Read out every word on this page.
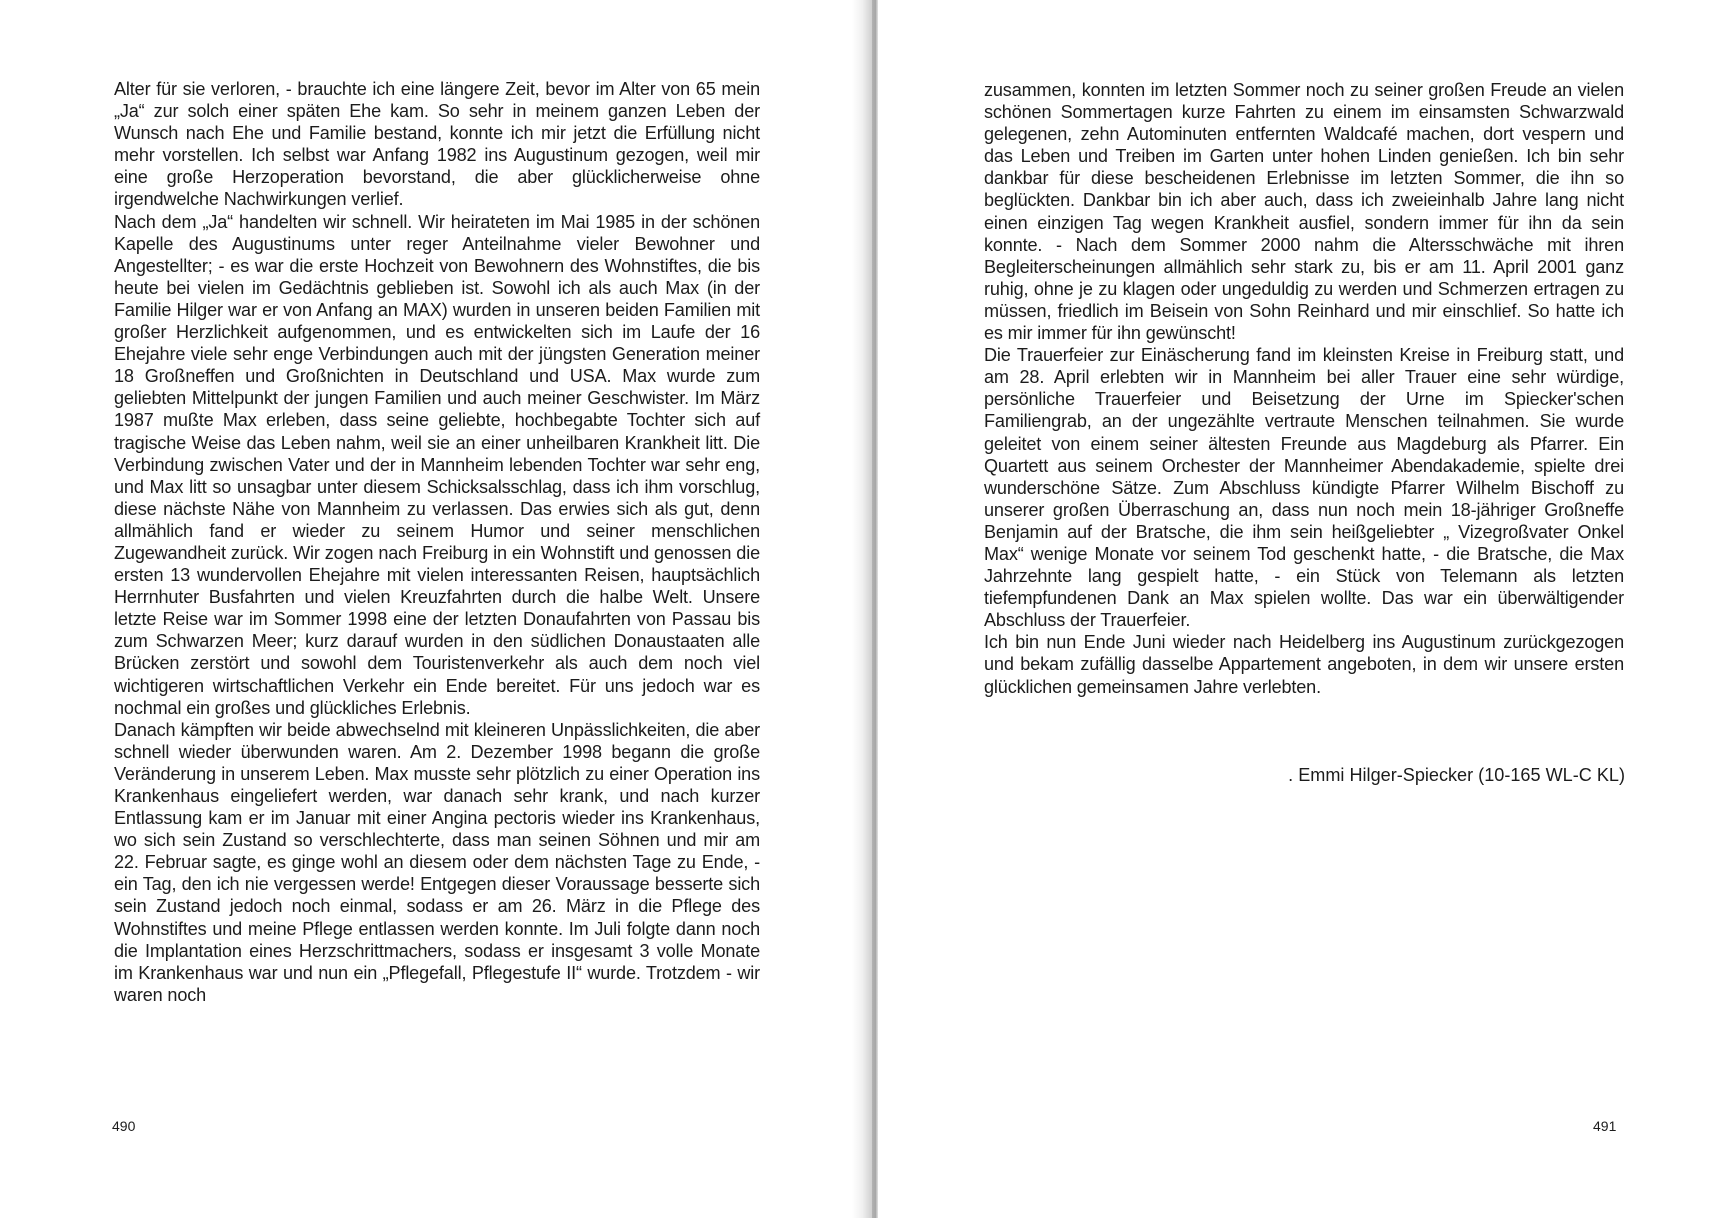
Alter für sie verloren, - brauchte ich eine längere Zeit, bevor im Alter von 65 mein „Ja“ zur solch einer späten Ehe kam. So sehr in meinem ganzen Leben der Wunsch nach Ehe und Familie bestand, konnte ich mir jetzt die Erfüllung nicht mehr vorstellen. Ich selbst war Anfang 1982 ins Augustinum gezogen, weil mir eine große Herzoperation bevorstand, die aber glücklicherweise ohne irgendwelche Nachwirkungen verlief.

Nach dem „Ja“ handelten wir schnell. Wir heirateten im Mai 1985 in der schönen Kapelle des Augustinums unter reger Anteilnahme vieler Bewohner und Angestellter; - es war die erste Hochzeit von Bewohnern des Wohnstiftes, die bis heute bei vielen im Gedächtnis geblieben ist. Sowohl ich als auch Max (in der Familie Hilger war er von Anfang an MAX) wurden in unseren beiden Familien mit großer Herzlichkeit aufgenommen, und es entwickelten sich im Laufe der 16 Ehejahre viele sehr enge Verbindungen auch mit der jüngsten Generation meiner 18 Großneffen und Großnichten in Deutschland und USA. Max wurde zum geliebten Mittelpunkt der jungen Familien und auch meiner Geschwister. Im März 1987 mußte Max erleben, dass seine geliebte, hochbegabte Tochter sich auf tragische Weise das Leben nahm, weil sie an einer unheilbaren Krankheit litt. Die Verbindung zwischen Vater und der in Mannheim lebenden Tochter war sehr eng, und Max litt so unsagbar unter diesem Schicksalsschlag, dass ich ihm vorschlug, diese nächste Nähe von Mannheim zu verlassen. Das erwies sich als gut, denn allmählich fand er wieder zu seinem Humor und seiner menschlichen Zugewandheit zurück. Wir zogen nach Freiburg in ein Wohnstift und genossen die ersten 13 wundervollen Ehejahre mit vielen interessanten Reisen, hauptsächlich Herrnhuter Busfahrten und vielen Kreuzfahrten durch die halbe Welt. Unsere letzte Reise war im Sommer 1998 eine der letzten Donaufahrten von Passau bis zum Schwarzen Meer; kurz darauf wurden in den südlichen Donaustaaten alle Brücken zerstört und sowohl dem Touristenverkehr als auch dem noch viel wichtigeren wirtschaftlichen Verkehr ein Ende bereitet. Für uns jedoch war es nochmal ein großes und glückliches Erlebnis.

Danach kämpften wir beide abwechselnd mit kleineren Unpässlichkeiten, die aber schnell wieder überwunden waren. Am 2. Dezember 1998 begann die große Veränderung in unserem Leben. Max musste sehr plötzlich zu einer Operation ins Krankenhaus eingeliefert werden, war danach sehr krank, und nach kurzer Entlassung kam er im Januar mit einer Angina pectoris wieder ins Krankenhaus, wo sich sein Zustand so verschlechterte, dass man seinen Söhnen und mir am 22. Februar sagte, es ginge wohl an diesem oder dem nächsten Tage zu Ende, - ein Tag, den ich nie vergessen werde! Entgegen dieser Voraussage besserte sich sein Zustand jedoch noch einmal, sodass er am 26. März in die Pflege des Wohnstiftes und meine Pflege entlassen werden konnte. Im Juli folgte dann noch die Implantation eines Herzschrittmachers, sodass er insgesamt 3 volle Monate im Krankenhaus war und nun ein „Pflegefall, Pflegestufe II“ wurde. Trotzdem - wir waren noch

490

zusammen, konnten im letzten Sommer noch zu seiner großen Freude an vielen schönen Sommertagen kurze Fahrten zu einem im einsamsten Schwarzwald gelegenen, zehn Autominuten entfernten Waldcafé machen, dort vespern und das Leben und Treiben im Garten unter hohen Linden genießen. Ich bin sehr dankbar für diese bescheidenen Erlebnisse im letzten Sommer, die ihn so beglückten. Dankbar bin ich aber auch, dass ich zweieinhalb Jahre lang nicht einen einzigen Tag wegen Krankheit ausfiel, sondern immer für ihn da sein konnte. - Nach dem Sommer 2000 nahm die Altersschwäche mit ihren Begleiterscheinungen allmählich sehr stark zu, bis er am 11. April 2001 ganz ruhig, ohne je zu klagen oder ungeduldig zu werden und Schmerzen ertragen zu müssen, friedlich im Beisein von Sohn Reinhard und mir einschlief. So hatte ich es mir immer für ihn gewünscht!

Die Trauerfeier zur Einäscherung fand im kleinsten Kreise in Freiburg statt, und am 28. April erlebten wir in Mannheim bei aller Trauer eine sehr würdige, persönliche Trauerfeier und Beisetzung der Urne im Spiecker'schen Familiengrab, an der ungezählte vertraute Menschen teilnahmen. Sie wurde geleitet von einem seiner ältesten Freunde aus Magdeburg als Pfarrer. Ein Quartett aus seinem Orchester der Mannheimer Abendakademie, spielte drei wunderschöne Sätze. Zum Abschluss kündigte Pfarrer Wilhelm Bischoff zu unserer großen Überraschung an, dass nun noch mein 18-jähriger Großneffe Benjamin auf der Bratsche, die ihm sein heißgeliebter „ Vizegroßvater Onkel Max“ wenige Monate vor seinem Tod geschenkt hatte, - die Bratsche, die Max Jahrzehnte lang gespielt hatte, - ein Stück von Telemann als letzten tiefempfundenen Dank an Max spielen wollte. Das war ein überwältigender Abschluss der Trauerfeier.

Ich bin nun Ende Juni wieder nach Heidelberg ins Augustinum zurückgezogen und bekam zufällig dasselbe Appartement angeboten, in dem wir unsere ersten glücklichen gemeinsamen Jahre verlebten.

. Emmi Hilger-Spiecker (10-165 WL-C KL)
491
